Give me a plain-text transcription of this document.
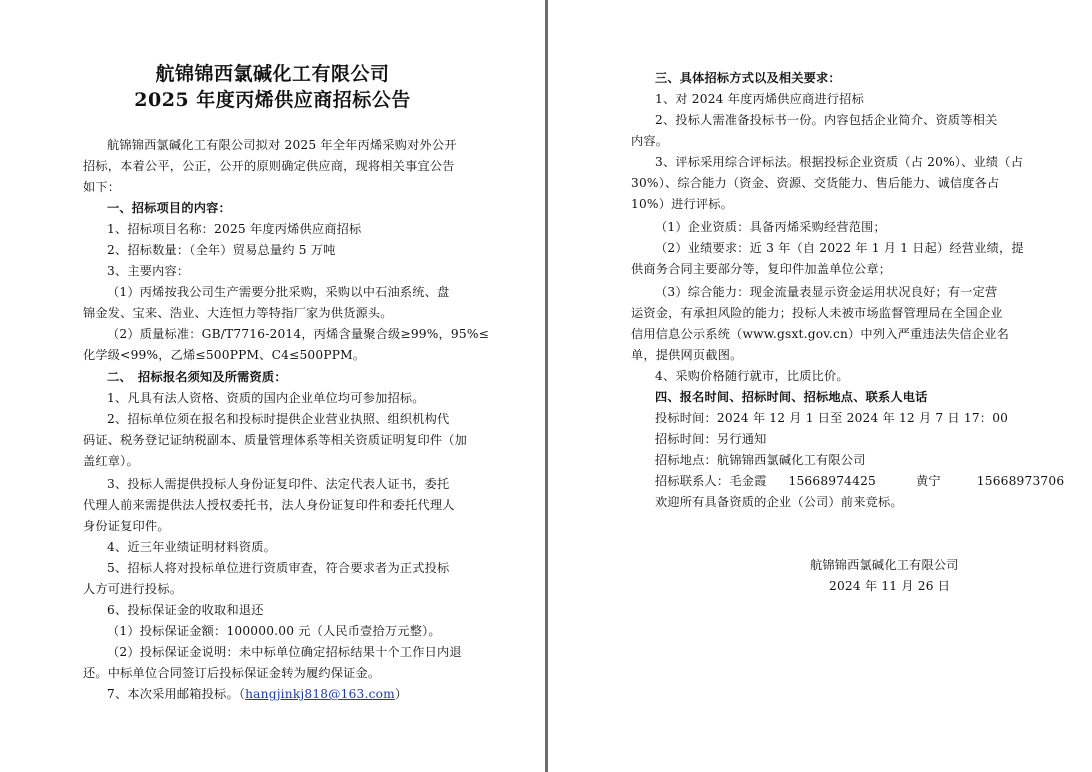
航锦锦西氯碱化工有限公司
2025 年度丙烯供应商招标公告
航锦锦西氯碱化工有限公司拟对 2025 年全年丙烯采购对外公开
招标，本着公平，公正，公开的原则确定供应商，现将相关事宜公告
如下：
一、招标项目的内容：
1、招标项目名称：2025 年度丙烯供应商招标
2、招标数量：（全年）贸易总量约 5 万吨
3、主要内容：
（1）丙烯按我公司生产需要分批采购，采购以中石油系统、盘
锦金发、宝来、浩业、大连恒力等特指厂家为供货源头。
（2）质量标准：GB/T7716-2014，丙烯含量聚合级≥99%，95%≤
化学级<99%，乙烯≤500PPM、C4≤500PPM。
二、　招标报名须知及所需资质：
1、凡具有法人资格、资质的国内企业单位均可参加招标。
2、招标单位须在报名和投标时提供企业营业执照、组织机构代
码证、税务登记证纳税副本、质量管理体系等相关资质证明复印件（加
盖红章）。
3、投标人需提供投标人身份证复印件、法定代表人证书，委托
代理人前来需提供法人授权委托书，法人身份证复印件和委托代理人
身份证复印件。
4、近三年业绩证明材料资质。
5、招标人将对投标单位进行资质审查，符合要求者为正式投标
人方可进行投标。
6、投标保证金的收取和退还
（1）投标保证金额：100000.00 元（人民币壹拾万元整）。
（2）投标保证金说明：未中标单位确定招标结果十个工作日内退
还。中标单位合同签订后投标保证金转为履约保证金。
7、本次采用邮箱投标。（hangjinkj818@163.com）
三、具体招标方式以及相关要求：
1、对 2024 年度丙烯供应商进行招标
2、投标人需准备投标书一份。内容包括企业简介、资质等相关
内容。
3、评标采用综合评标法。根据投标企业资质（占 20%）、业绩（占
30%）、综合能力（资金、资源、交货能力、售后能力、诚信度各占
10%）进行评标。
（1）企业资质：具备丙烯采购经营范围；
（2）业绩要求：近 3 年（自 2022 年 1 月 1 日起）经营业绩，提
供商务合同主要部分等，复印件加盖单位公章；
（3）综合能力：现金流量表显示资金运用状况良好；有一定营
运资金，有承担风险的能力；投标人未被市场监督管理局在全国企业
信用信息公示系统（www.gsxt.gov.cn）中列入严重违法失信企业名
单，提供网页截图。
4、采购价格随行就市，比质比价。
四、报名时间、招标时间、招标地点、联系人电话
投标时间：2024 年 12 月 1 日至 2024 年 12 月 7 日 17：00
招标时间：另行通知
招标地点：航锦锦西氯碱化工有限公司
招标联系人：毛金霞 15668974425	黄宁	15668973706
欢迎所有具备资质的企业（公司）前来竞标。
航锦锦西氯碱化工有限公司
2024 年 11 月 26 日
